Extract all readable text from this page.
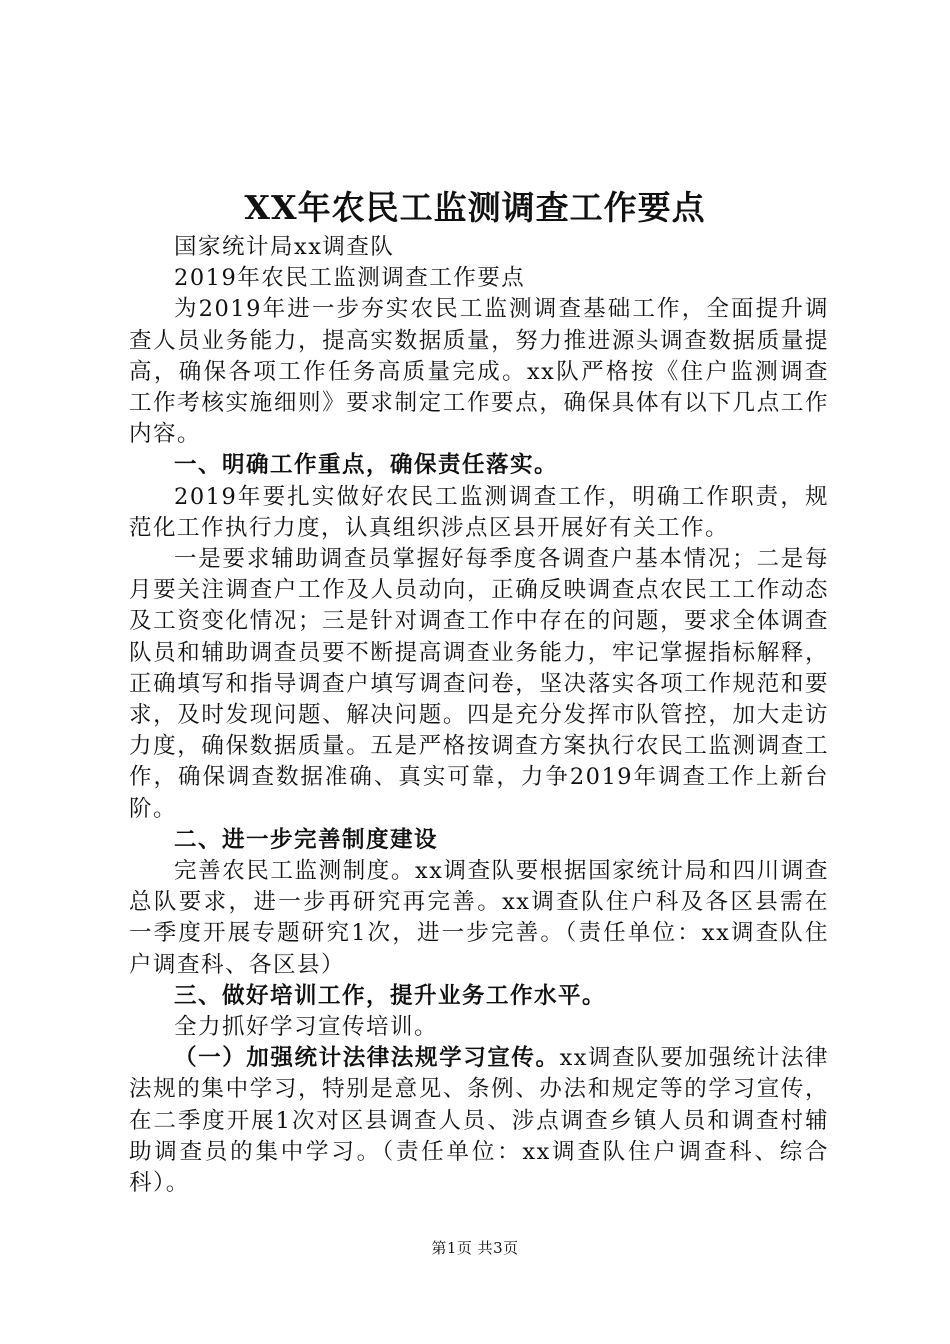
XX年农民工监测调查工作要点

国家统计局xx调查队

2019年农民工监测调查工作要点

为2019年进一步夯实农民工监测调查基础工作，全面提升调查人员业务能力，提高实数据质量，努力推进源头调查数据质量提高，确保各项工作任务高质量完成。xx队严格按《住户监测调查工作考核实施细则》要求制定工作要点，确保具体有以下几点工作内容。

一、明确工作重点，确保责任落实。

2019年要扎实做好农民工监测调查工作，明确工作职责，规范化工作执行力度，认真组织涉点区县开展好有关工作。

一是要求辅助调查员掌握好每季度各调查户基本情况；二是每月要关注调查户工作及人员动向，正确反映调查点农民工工作动态及工资变化情况；三是针对调查工作中存在的问题，要求全体调查队员和辅助调查员要不断提高调查业务能力，牢记掌握指标解释，正确填写和指导调查户填写调查问卷，坚决落实各项工作规范和要求，及时发现问题、解决问题。四是充分发挥市队管控，加大走访力度，确保数据质量。五是严格按调查方案执行农民工监测调查工作，确保调查数据准确、真实可靠，力争2019年调查工作上新台阶。

二、进一步完善制度建设

完善农民工监测制度。xx调查队要根据国家统计局和四川调查总队要求，进一步再研究再完善。xx调查队住户科及各区县需在一季度开展专题研究1次，进一步完善。（责任单位：xx调查队住户调查科、各区县）

三、做好培训工作，提升业务工作水平。

全力抓好学习宣传培训。

（一）加强统计法律法规学习宣传。xx调查队要加强统计法律法规的集中学习，特别是意见、条例、办法和规定等的学习宣传，在二季度开展1次对区县调查人员、涉点调查乡镇人员和调查村辅助调查员的集中学习。（责任单位：xx调查队住户调查科、综合科）。

第1页 共3页
